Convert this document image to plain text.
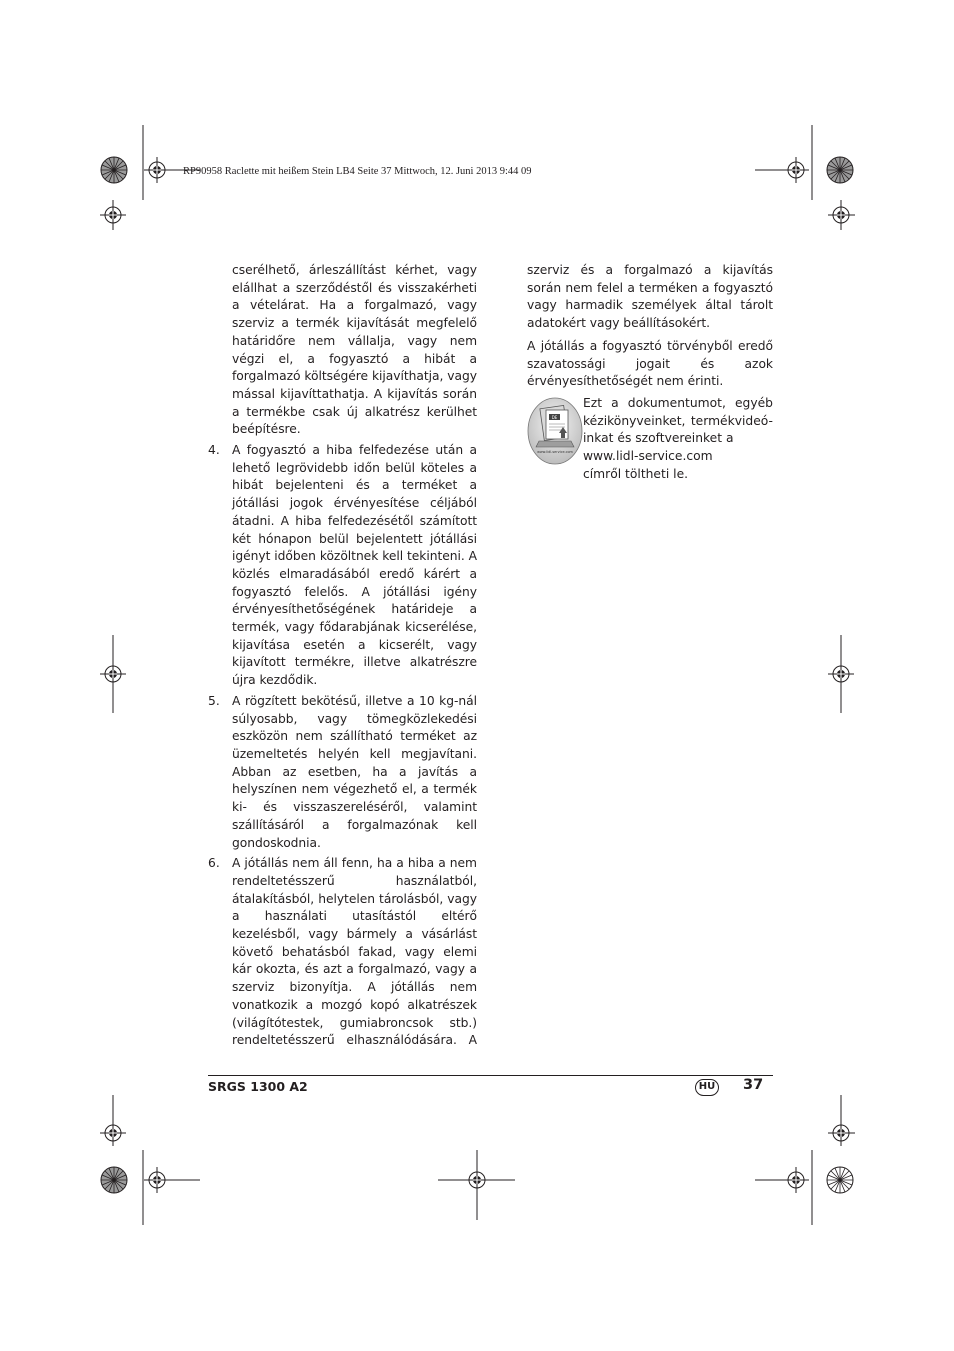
RP90958 Raclette mit heißem Stein LB4 Seite 37 Mittwoch, 12. Juni 2013 9:44 09

cserélhető, árleszállítást kérhet, vagy elállhat a szerződéstől és visszakérheti a vételárat. Ha a forgalmazó, vagy szerviz a termék kijavítását megfelelő határidőre nem vállalja, vagy nem végzi el, a fogyasztó a hibát a forgalmazó költségére kijavíthatja, vagy mással kijavíttathatja. A kijavítás során a termékbe csak új alkatrész kerülhet beépítésre.

4. A fogyasztó a hiba felfedezése után a lehető legrövidebb időn belül köteles a hibát bejelenteni és a terméket a jótállási jogok érvényesítése céljából átadni. A hiba felfedezésétől számított két hónapon belül bejelentett jótállási igényt időben közöltnek kell tekinteni. A közlés elmaradásából eredő kárért a fogyasztó felelős. A jótállási igény érvényesíthetőségének határideje a termék, vagy fődarabjának kicserélése, kijavítása esetén a kicserélt, vagy kijavított termékre, illetve alkatrészre újra kezdődik.

5. A rögzített bekötésű, illetve a 10 kg-nál súlyosabb, vagy tömegközlekedési eszközön nem szállítható terméket az üzemeltetés helyén kell megjavítani. Abban az esetben, ha a javítás a helyszínen nem végezhető el, a termék ki- és visszaszereléséről, valamint szállításáról a forgalmazónak kell gondoskodnia.

6. A jótállás nem áll fenn, ha a hiba a nem rendeltetésszerű használatból, átalakításból, helytelen tárolásból, vagy a használati utasítástól eltérő kezelésből, vagy bármely a vásárlást követő behatásból fakad, vagy elemi kár okozta, és azt a forgalmazó, vagy a szerviz bizonyítja. A jótállás nem vonatkozik a mozgó kopó alkatrészek (világítótestek, gumiabroncsok stb.) rendeltetésszerű elhasználódására. A

szerviz és a forgalmazó a kijavítás során nem felel a terméken a fogyasztó vagy harmadik személyek által tárolt adatokért vagy beállításokért.

A jótállás a fogyasztó törvényből eredő szavatossági jogait és azok érvényesíthetőségét nem érinti.

DE
www.lidl-service.com

Ezt a dokumentumot, egyéb

kézikönyveinket, termékvideó-

inkat és szoftvereinket a

www.lidl-service.com

címről töltheti le.

SRGS 1300 A2	HU 37
